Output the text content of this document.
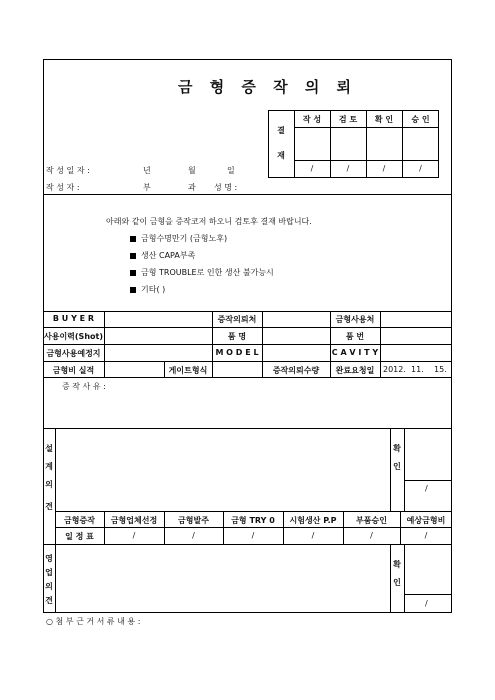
금 형 증 작 의 뢰
결
재
작 성	검 토	확 인	승 인
/	/	/	/
작 성 일 자 :	년	월	일
작 성 자 :	부	과 성 명 :
아래와 같이 금형을 증작코저 하오니 검토후 결재 바랍니다.
금형수명만기 (금형노후)
생산 CAPA부족
금형 TROUBLE로 인한 생산 불가능시
기타( )
B U Y E R	증작의뢰처	금형사용처
사용이력(Shot)	품 명	품 번
금형사용예정지	M O D E L	C A V I T Y
금형비 실적	게이트형식	증작의뢰수량	완료요청일	2012. 11. 15.
증 작 사 유 :
설
계
의
견
확
인
/
금형증작	금형업체선정	금형발주	금형 TRY 0	시험생산 P.P	부품승인	예상금형비
일 정 표	/	/	/	/	/	/
영
업
의
견
확
인
/
○ 첨 부 근 거 서 류 내 용 :
